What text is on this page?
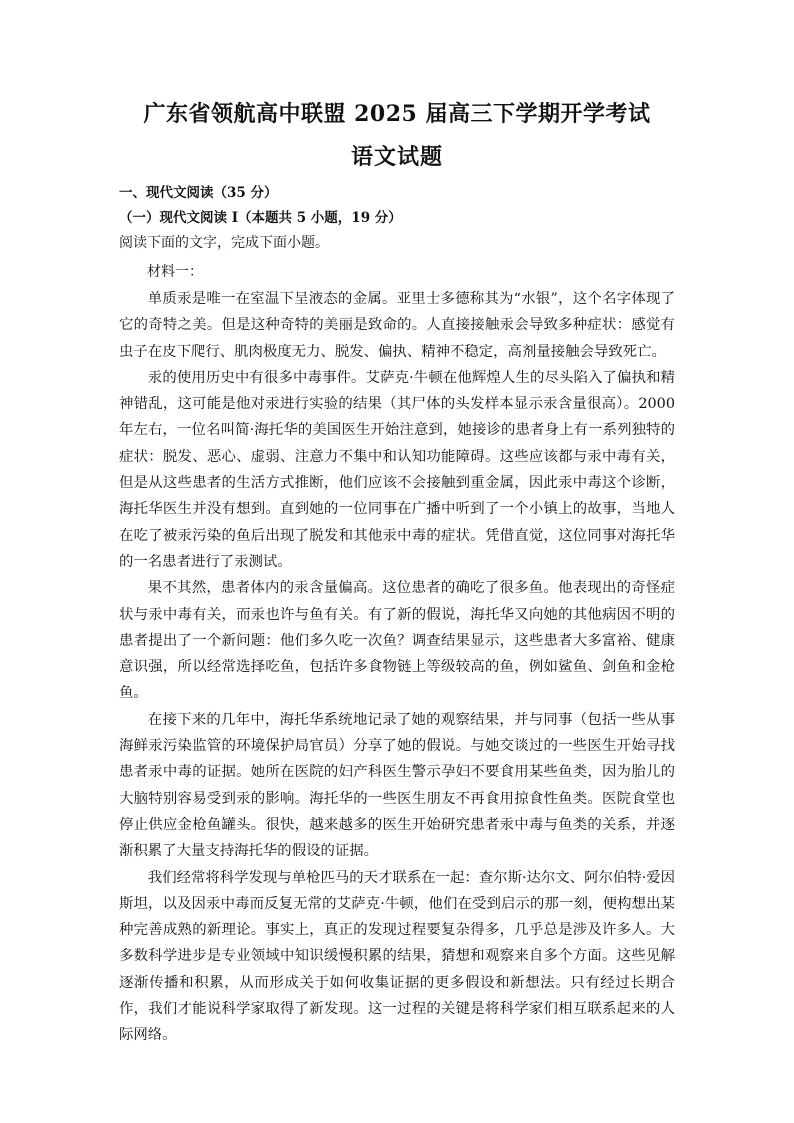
广东省领航高中联盟 2025 届高三下学期开学考试
语文试题
一、现代文阅读（35 分）
（一）现代文阅读 I（本题共 5 小题，19 分）
阅读下面的文字，完成下面小题。
材料一：

单质汞是唯一在室温下呈液态的金属。亚里士多德称其为“水银”，这个名字体现了它的奇特之美。但是这种奇特的美丽是致命的。人直接接触汞会导致多种症状：感觉有虫子在皮下爬行、肌肉极度无力、脱发、偏执、精神不稳定，高剂量接触会导致死亡。

汞的使用历史中有很多中毒事件。艾萨克·牛顿在他辉煌人生的尽头陷入了偏执和精神错乱，这可能是他对汞进行实验的结果（其尸体的头发样本显示汞含量很高）。2000 年左右，一位名叫简·海托华的美国医生开始注意到，她接诊的患者身上有一系列独特的症状：脱发、恶心、虚弱、注意力不集中和认知功能障碍。这些应该都与汞中毒有关，但是从这些患者的生活方式推断，他们应该不会接触到重金属，因此汞中毒这个诊断，海托华医生并没有想到。直到她的一位同事在广播中听到了一个小镇上的故事，当地人在吃了被汞污染的鱼后出现了脱发和其他汞中毒的症状。凭借直觉，这位同事对海托华的一名患者进行了汞测试。

果不其然，患者体内的汞含量偏高。这位患者的确吃了很多鱼。他表现出的奇怪症状与汞中毒有关，而汞也许与鱼有关。有了新的假说，海托华又向她的其他病因不明的患者提出了一个新问题：他们多久吃一次鱼？调查结果显示，这些患者大多富裕、健康意识强，所以经常选择吃鱼，包括许多食物链上等级较高的鱼，例如鲨鱼、剑鱼和金枪鱼。

在接下来的几年中，海托华系统地记录了她的观察结果，并与同事（包括一些从事海鲜汞污染监管的环境保护局官员）分享了她的假说。与她交谈过的一些医生开始寻找患者汞中毒的证据。她所在医院的妇产科医生警示孕妇不要食用某些鱼类，因为胎儿的大脑特别容易受到汞的影响。海托华的一些医生朋友不再食用掠食性鱼类。医院食堂也停止供应金枪鱼罐头。很快，越来越多的医生开始研究患者汞中毒与鱼类的关系，并逐渐积累了大量支持海托华的假设的证据。

我们经常将科学发现与单枪匹马的天才联系在一起：查尔斯·达尔文、阿尔伯特·爱因斯坦，以及因汞中毒而反复无常的艾萨克·牛顿，他们在受到启示的那一刻，便构想出某种完善成熟的新理论。事实上，真正的发现过程要复杂得多，几乎总是涉及许多人。大多数科学进步是专业领域中知识缓慢积累的结果，猜想和观察来自多个方面。这些见解逐渐传播和积累，从而形成关于如何收集证据的更多假设和新想法。只有经过长期合作，我们才能说科学家取得了新发现。这一过程的关键是将科学家们相互联系起来的人际网络。
